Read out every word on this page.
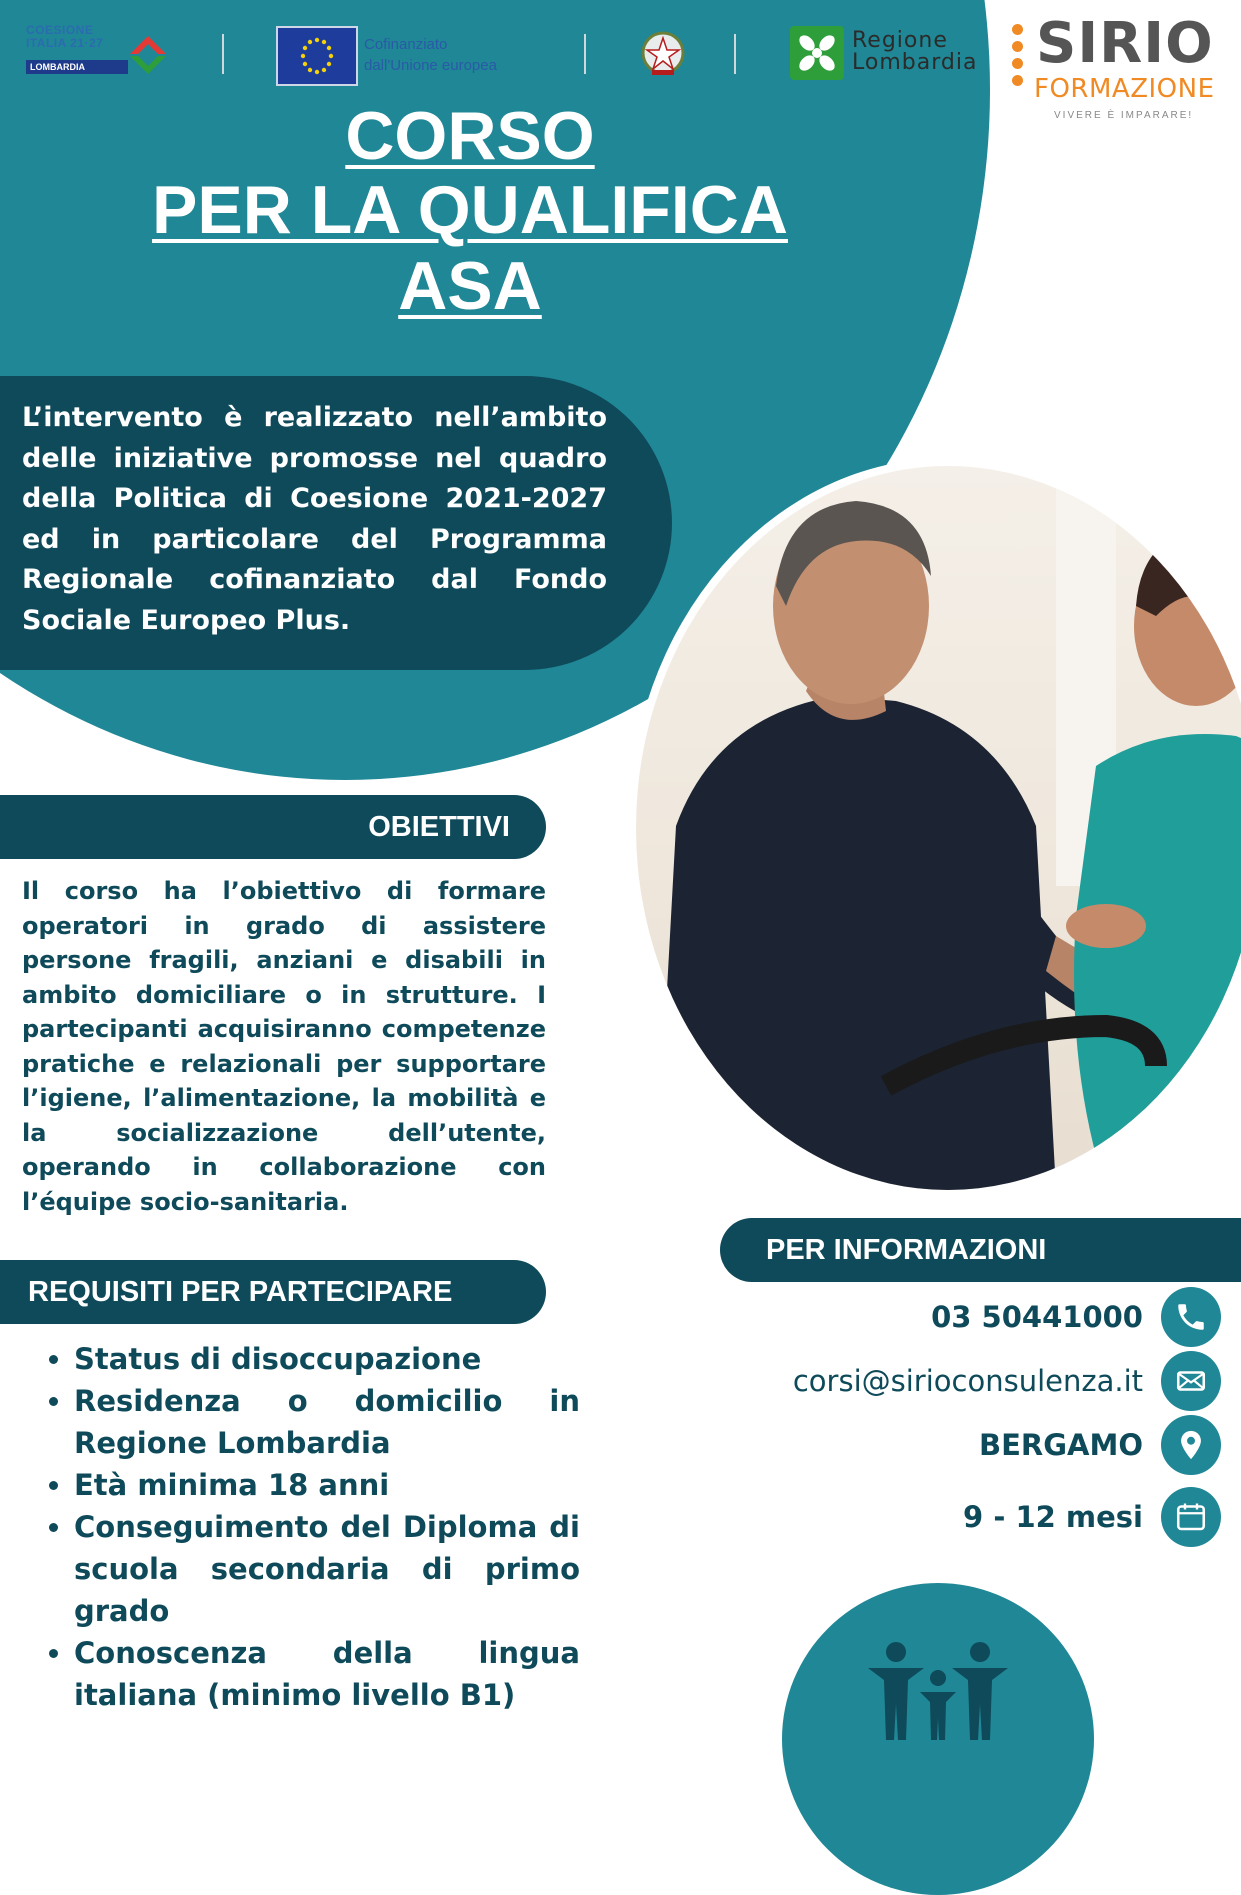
COESIONE
ITALIA 21·27
LOMBARDIA
Cofinanziato
dall'Unione europea
Regione
Lombardia SIRIO
FORMAZIONE
VIVERE È IMPARARE!
CORSO
PER LA QUALIFICA
ASA
L’intervento è realizzato nell’ambito delle iniziative promosse nel quadro della Politica di Coesione 2021-2027 ed in particolare del Programma Regionale cofinanziato dal Fondo Sociale Europeo Plus.
OBIETTIVI
Il corso ha l’obiettivo di formare operatori in grado di assistere persone fragili, anziani e disabili in ambito domiciliare o in strutture. I partecipanti acquisiranno competenze pratiche e relazionali per supportare l’igiene, l’alimentazione, la mobilità e la socializzazione dell’utente, operando in collaborazione con l’équipe socio-sanitaria.
REQUISITI PER PARTECIPARE
• Status di disoccupazione
• Residenza o domicilio in Regione Lombardia
• Età minima 18 anni
• Conseguimento del Diploma di scuola secondaria di primo grado
• Conoscenza della lingua italiana (minimo livello B1)
PER INFORMAZIONI
03 50441000
corsi@sirioconsulenza.it
BERGAMO
9 - 12 mesi
